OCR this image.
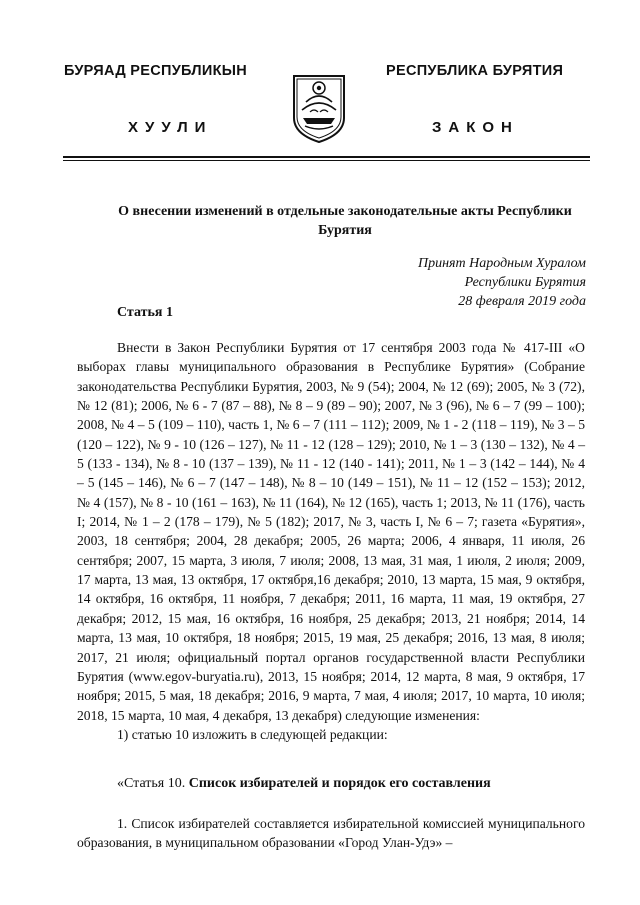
БУРЯАД РЕСПУБЛИКЫН
ХУУЛИ
РЕСПУБЛИКА БУРЯТИЯ
ЗАКОН
О внесении изменений в отдельные законодательные акты Республики Бурятия
Принят Народным Хуралом
Республики Бурятия
28 февраля 2019 года
Статья 1

Внести в Закон Республики Бурятия от 17 сентября 2003 года № 417-III «О выборах главы муниципального образования в Республике Бурятия» (Собрание законодательства Республики Бурятия, 2003, № 9 (54); 2004, № 12 (69); 2005, № 3 (72), № 12 (81); 2006, № 6 - 7 (87 – 88), № 8 – 9 (89 – 90); 2007, № 3 (96), № 6 – 7 (99 – 100); 2008, № 4 – 5 (109 – 110), часть 1, № 6 – 7 (111 – 112); 2009, № 1 - 2 (118 – 119), № 3 – 5 (120 – 122), № 9 - 10 (126 – 127), № 11 - 12 (128 – 129); 2010, № 1 – 3 (130 – 132), № 4 – 5 (133 - 134), № 8 - 10 (137 – 139), № 11 - 12 (140 - 141); 2011, № 1 – 3 (142 – 144), № 4 – 5 (145 – 146), № 6 – 7 (147 – 148), № 8 – 10 (149 – 151), № 11 – 12 (152 – 153); 2012, № 4 (157), № 8 - 10 (161 – 163), № 11 (164), № 12 (165), часть 1; 2013, № 11 (176), часть I; 2014, № 1 – 2 (178 – 179), № 5 (182); 2017, № 3, часть I, № 6 – 7; газета «Бурятия», 2003, 18 сентября; 2004, 28 декабря; 2005, 26 марта; 2006, 4 января, 11 июля, 26 сентября; 2007, 15 марта, 3 июля, 7 июля; 2008, 13 мая, 31 мая, 1 июля, 2 июля; 2009, 17 марта, 13 мая, 13 октября, 17 октября,16 декабря; 2010, 13 марта, 15 мая, 9 октября, 14 октября, 16 октября, 11 ноября, 7 декабря; 2011, 16 марта, 11 мая, 19 октября, 27 декабря; 2012, 15 мая, 16 октября, 16 ноября, 25 декабря; 2013, 21 ноября; 2014, 14 марта, 13 мая, 10 октября, 18 ноября; 2015, 19 мая, 25 декабря; 2016, 13 мая, 8 июля; 2017, 21 июля; официальный портал органов государственной власти Республики Бурятия (www.egov-buryatia.ru), 2013, 15 ноября; 2014, 12 марта, 8 мая, 9 октября, 17 ноября; 2015, 5 мая, 18 декабря; 2016, 9 марта, 7 мая, 4 июля; 2017, 10 марта, 10 июля; 2018, 15 марта, 10 мая, 4 декабря, 13 декабря) следующие изменения:

1) статью 10 изложить в следующей редакции:

«Статья 10. Список избирателей и порядок его составления

1. Список избирателей составляется избирательной комиссией муниципального образования, в муниципальном образовании «Город Улан-Удэ» –
